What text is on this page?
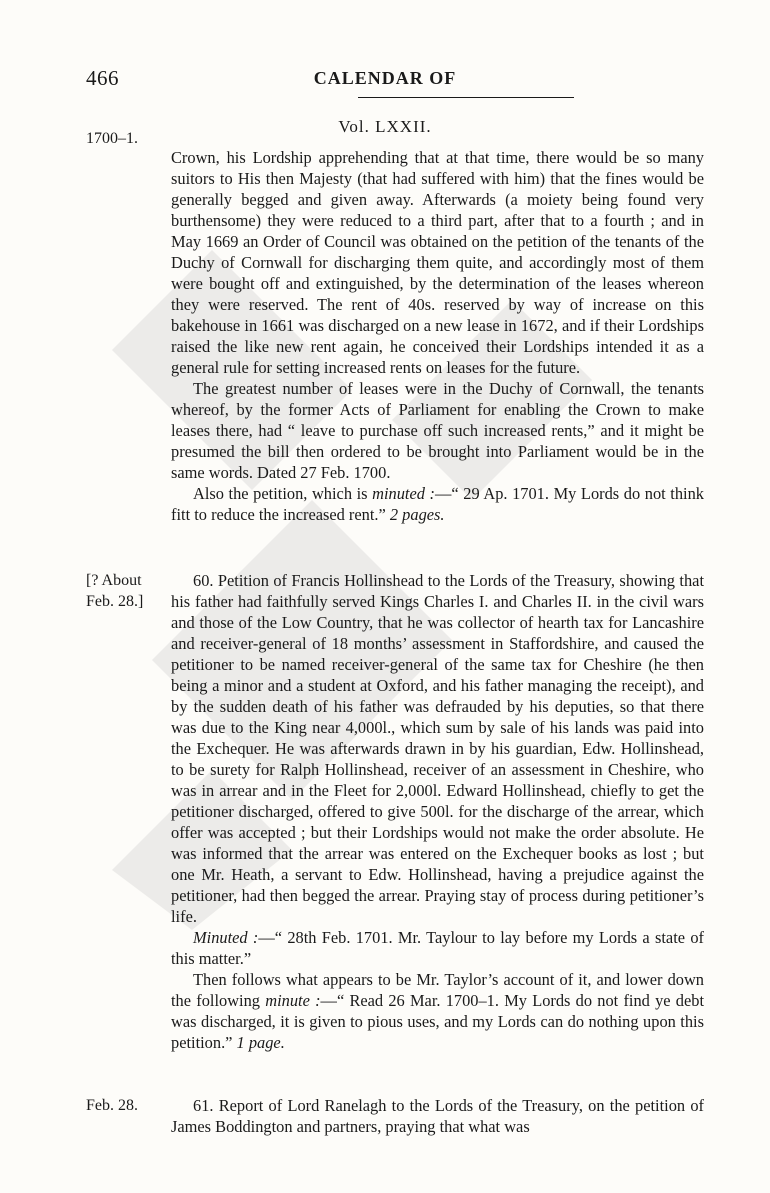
466	CALENDAR OF
Vol. LXXII.
1700–1.
[? About
Feb. 28.]
Feb. 28.

Crown, his Lordship apprehending that at that time, there would be so many suitors to His then Majesty (that had suffered with him) that the fines would be generally begged and given away. Afterwards (a moiety being found very burthensome) they were reduced to a third part, after that to a fourth ; and in May 1669 an Order of Council was obtained on the petition of the tenants of the Duchy of Cornwall for discharging them quite, and accordingly most of them were bought off and extinguished, by the determination of the leases whereon they were reserved. The rent of 40s. reserved by way of increase on this bakehouse in 1661 was discharged on a new lease in 1672, and if their Lordships raised the like new rent again, he conceived their Lordships intended it as a general rule for setting increased rents on leases for the future.

The greatest number of leases were in the Duchy of Cornwall, the tenants whereof, by the former Acts of Parliament for enabling the Crown to make leases there, had “ leave to purchase off such increased rents,” and it might be presumed the bill then ordered to be brought into Parliament would be in the same words. Dated 27 Feb. 1700.

Also the petition, which is minuted :—“ 29 Ap. 1701. My Lords do not think fitt to reduce the increased rent.” 2 pages.

60. Petition of Francis Hollinshead to the Lords of the Treasury, showing that his father had faithfully served Kings Charles I. and Charles II. in the civil wars and those of the Low Country, that he was collector of hearth tax for Lancashire and receiver-general of 18 months’ assessment in Staffordshire, and caused the petitioner to be named receiver-general of the same tax for Cheshire (he then being a minor and a student at Oxford, and his father managing the receipt), and by the sudden death of his father was defrauded by his deputies, so that there was due to the King near 4,000l., which sum by sale of his lands was paid into the Exchequer. He was afterwards drawn in by his guardian, Edw. Hollinshead, to be surety for Ralph Hollinshead, receiver of an assessment in Cheshire, who was in arrear and in the Fleet for 2,000l. Edward Hollinshead, chiefly to get the petitioner discharged, offered to give 500l. for the discharge of the arrear, which offer was accepted ; but their Lordships would not make the order absolute. He was informed that the arrear was entered on the Exchequer books as lost ; but one Mr. Heath, a servant to Edw. Hollinshead, having a prejudice against the petitioner, had then begged the arrear. Praying stay of process during petitioner’s life.

Minuted :—“ 28th Feb. 1701. Mr. Taylour to lay before my Lords a state of this matter.”

Then follows what appears to be Mr. Taylor’s account of it, and lower down the following minute :—“ Read 26 Mar. 1700–1. My Lords do not find ye debt was discharged, it is given to pious uses, and my Lords can do nothing upon this petition.” 1 page.

61. Report of Lord Ranelagh to the Lords of the Treasury, on the petition of James Boddington and partners, praying that what was
